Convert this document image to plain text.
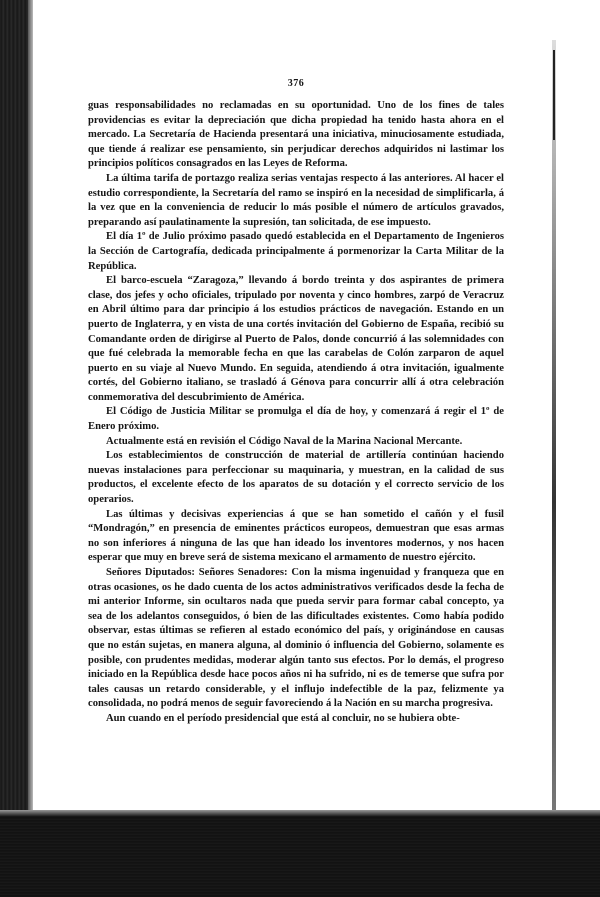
376

guas responsabilidades no reclamadas en su oportunidad. Uno de los fines de tales providencias es evitar la depreciación que dicha propiedad ha tenido hasta ahora en el mercado. La Secretaría de Hacienda presentará una iniciativa, minuciosamente estudiada, que tiende á realizar ese pensamiento, sin perjudicar derechos adquiridos ni lastimar los principios políticos consagrados en las Leyes de Reforma.

La última tarifa de portazgo realiza serias ventajas respecto á las anteriores. Al hacer el estudio correspondiente, la Secretaría del ramo se inspiró en la necesidad de simplificarla, á la vez que en la conveniencia de reducir lo más posible el número de artículos gravados, preparando así paulatinamente la supresión, tan solicitada, de ese impuesto.

El día 1º de Julio próximo pasado quedó establecida en el Departamento de Ingenieros la Sección de Cartografía, dedicada principalmente á pormenorizar la Carta Militar de la República.

El barco-escuela “Zaragoza,” llevando á bordo treinta y dos aspirantes de primera clase, dos jefes y ocho oficiales, tripulado por noventa y cinco hombres, zarpó de Veracruz en Abril último para dar principio á los estudios prácticos de navegación. Estando en un puerto de Inglaterra, y en vista de una cortés invitación del Gobierno de España, recibió su Comandante orden de dirigirse al Puerto de Palos, donde concurrió á las solemnidades con que fué celebrada la memorable fecha en que las carabelas de Colón zarparon de aquel puerto en su viaje al Nuevo Mundo. En seguida, atendiendo á otra invitación, igualmente cortés, del Gobierno italiano, se trasladó á Génova para concurrir allí á otra celebración conmemorativa del descubrimiento de América.

El Código de Justicia Militar se promulga el día de hoy, y comenzará á regir el 1º de Enero próximo.

Actualmente está en revisión el Código Naval de la Marina Nacional Mercante.

Los establecimientos de construcción de material de artillería continúan haciendo nuevas instalaciones para perfeccionar su maquinaria, y muestran, en la calidad de sus productos, el excelente efecto de los aparatos de su dotación y el correcto servicio de los operarios.

Las últimas y decisivas experiencias á que se han sometido el cañón y el fusil “Mondragón,” en presencia de eminentes prácticos europeos, demuestran que esas armas no son inferiores á ninguna de las que han ideado los inventores modernos, y nos hacen esperar que muy en breve será de sistema mexicano el armamento de nuestro ejército.

Señores Diputados: Señores Senadores: Con la misma ingenuidad y franqueza que en otras ocasiones, os he dado cuenta de los actos administrativos verificados desde la fecha de mi anterior Informe, sin ocultaros nada que pueda servir para formar cabal concepto, ya sea de los adelantos conseguidos, ó bien de las dificultades existentes. Como había podido observar, estas últimas se refieren al estado económico del país, y originándose en causas que no están sujetas, en manera alguna, al dominio ó influencia del Gobierno, solamente es posible, con prudentes medidas, moderar algún tanto sus efectos. Por lo demás, el progreso iniciado en la República desde hace pocos años ni ha sufrido, ni es de temerse que sufra por tales causas un retardo considerable, y el influjo indefectible de la paz, felizmente ya consolidada, no podrá menos de seguir favoreciendo á la Nación en su marcha progresiva.

Aun cuando en el período presidencial que está al concluir, no se hubiera obte-
